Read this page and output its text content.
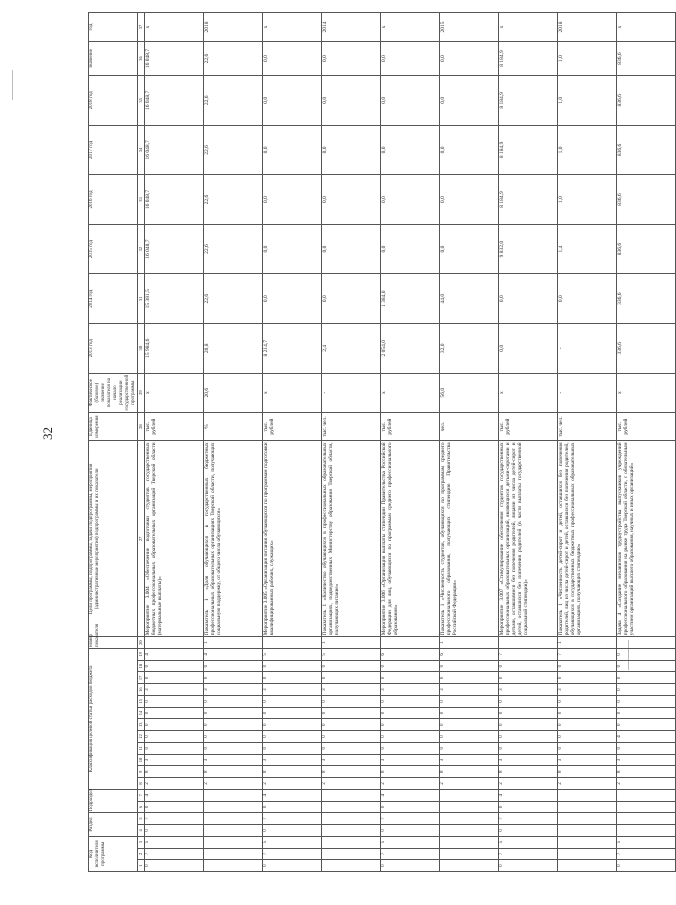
32
Код исполнителя программы			Раздел		Подраздел		Классификация целевой статьи расходов бюджета												номер показателя	Цели программы, подпрограммы, задачи подпрограммы, мероприятия (административные мероприятия) подпрограммы и их показатели	Единица измерения	Фактическое (базовое) значение показателя на начало реализации государственной программы	2013 год	2014 год	2015 год	2016 год	2017 год	2018 год	значение	год
1	2	3	4	5	6	7	8	9	10	11	12	13	14	15	16	17	18	19	20	27	28	29	30	31	32	33	34	35	36	37
0	7	5	0	7	0	4	2	8	3	0	0	0	0	0	3	0	0	4		Мероприятие 3.004 «Обеспечение подготовки студентов государственных бюджетных профессиональных образовательных организаций Тверской области (материальные выплаты)»	тыс. рублей	х	15 984,6	15 381,5	16 048,7	16 048,7	16 048,7	16 048,7	16 048,7	х
							2	8	3	0	0	0	0	0	3	0	0	4	1	Показатель 1 «Доля обучающихся в государственных бюджетных профессиональных образовательных организациях Тверской области, получающих социальную поддержку, от общего числа обучающихся»	%	20,6	20,8	22,6	22,6	22,6	22,6	22,6	22,6	2018
0	7	5	0	7	0	4	2	8	3	0	0	0	0	0	3	0	0	5		Мероприятие 3.005 «Организация питания обучающихся по программам подготовки квалифицированных рабочих, служащих»	тыс. рублей	х	8 214,7	0,0	0,0	0,0	0,0	0,0	0,0	х
							2	8	3	0	0	0	0	0	3	0	0	5	1	Показатель 1 «Количество обучающихся в профессиональных образовательных организациях, подведомственных Министерству образования Тверской области, получающих питание»	тыс. чел.	-	2,4	0,0	0,0	0,0	0,0	0,0	0,0	2014
0	7	5	0	7	0	4	2	8	3	0	0	0	0	0	3	0	0	6		Мероприятие 3.006 «Организация выплаты стипендии Правительства Российской Федерации для лиц, обучающихся по программам среднего профессионального образования»	тыс. рублей	х	2 054,0	1 384,0	0,0	0,0	0,0	0,0	0,0	х
							2	8	3	0	0	0	0	0	3	0	0	6	1	Показатель 1 «Численность студентов, обучающихся по программам среднего профессионального образования, получающих стипендию Правительства Российской Федерации»	чел.	56,0	32,0	44,0	0,0	0,0	0,0	0,0	0,0	2015
0	7	5	0	7	0	4	2	8	3	0	0	0	0	0	3	0	0	7		Мероприятие 3.007 «Стимулирование обеспечения студентов государственных профессиональных образовательных организаций, являющихся детьми-сиротами и детьми, оставшимися без попечения родителей, лицами из числа детей-сирот и детей, оставшихся без попечения родителей (в части выплаты государственной социальной стипендии)»	тыс. рублей	х	0,0	0,0	9 832,0	8 184,9	8 184,9	8 184,9	8 184,9	х
							2	8	3	0	0	0	0	0	3	0	0	7	1	Показатель 1 «Численность детей-сирот и детей, оставшихся без попечения родителей, лиц из числа детей-сирот и детей, оставшихся без попечения родителей, обучающихся в государственных бюджетных профессиональных образовательных организациях, получающих стипендию»	тыс. чел.	-	-	0,0	1,4	1,0	1,0	1,0	1,0	2018
0	7	5					2	8	3	0	4	0	0	0	0	0	0	0		Задача 4 «Создание механизмов трудоустройства выпускников учреждений профессионального образования на рынке труда Тверской области, с обязательным участием организаций высшего образования, научных и иных организаций»	тыс. рублей	х	336,6	336,6	836,6	836,6	836,6	836,6	836,6	х
